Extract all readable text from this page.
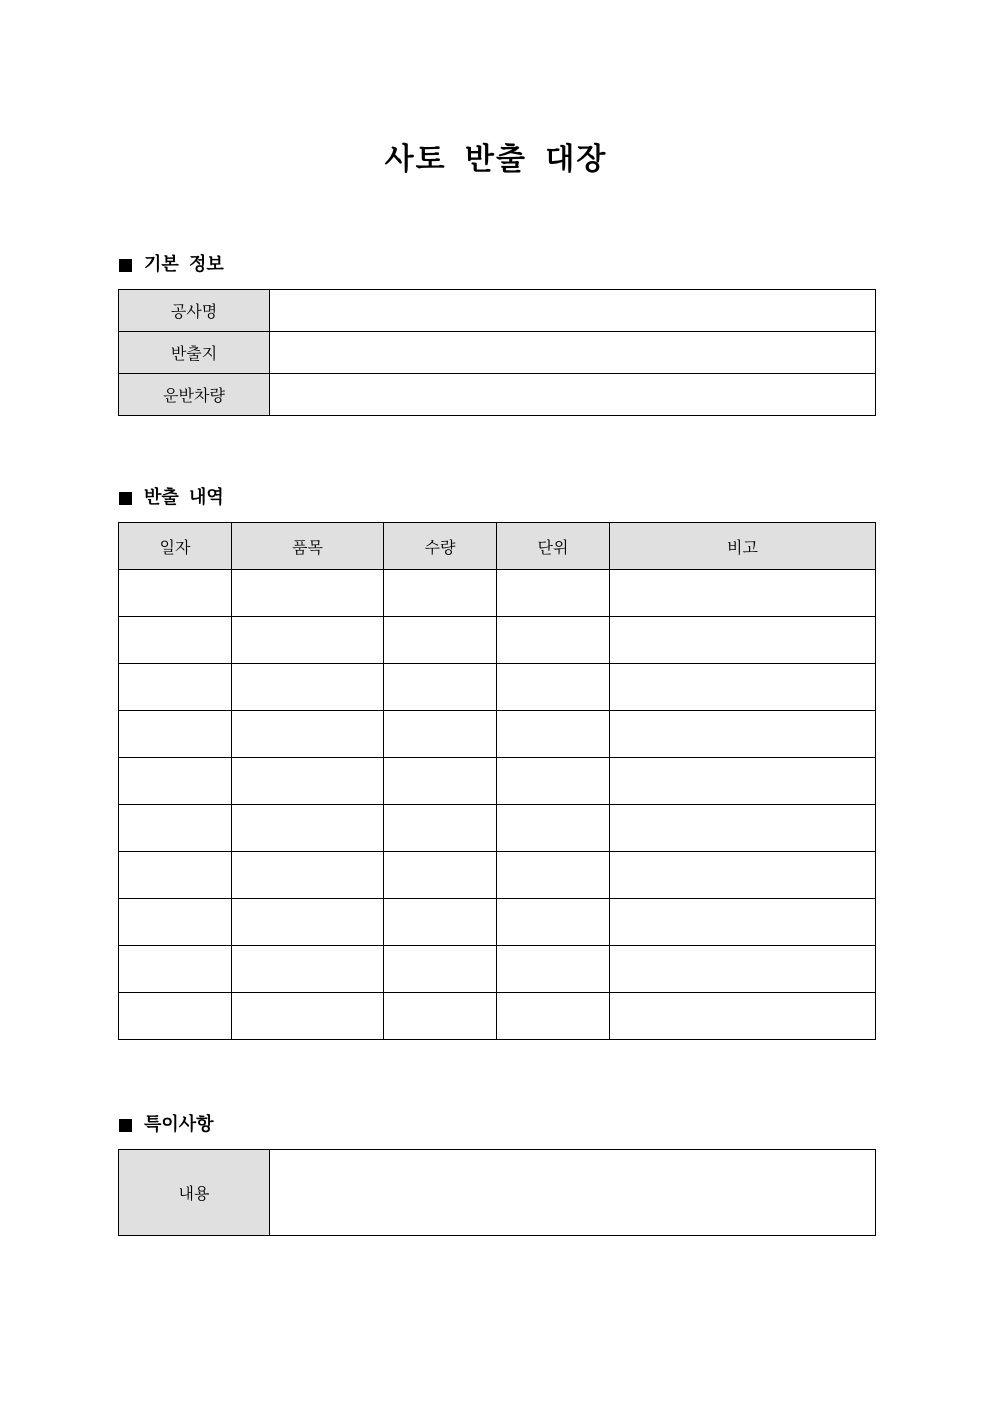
사토 반출 대장
기본 정보
공사명	
반출지	
운반차량	
반출 내역
일자	품목	수량	단위	비고

특이사항
내용	
